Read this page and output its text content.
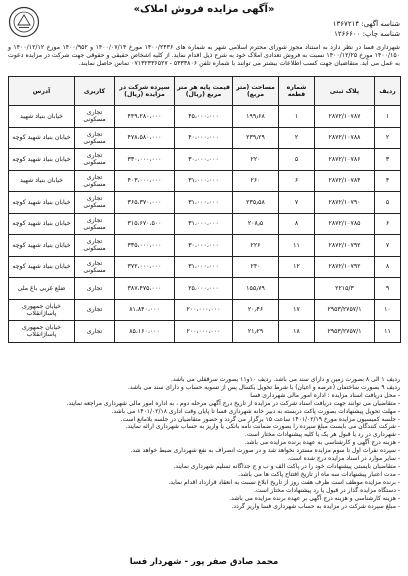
«آگهی مزایده فروش املاک»
شناسه آگهی: ۱۳۶۷۲۱۴
شناسه چاپ: ۱۲۶۶۶۰۰
شهرداری فسا در نظر دارد به استناد مجوز شورای محترم اسلامی شهر به شماره های ۱۴۰۰/۲۴۳۶ مورخ ۱۴۰۰/۰۷/۱۴ و ۱۴۰۰/۹۵۲ مورخ ۱۴۰۰/۱۲/۱۲ و ۱۴۰۰/۱۵۰ مورخ ۱۴۰۰/۱۲/۲۵ نسبت به فروش تعدادی املاک خود به شرح ذیل اقدام نماید. از کلیه اشخاص حقیقی و حقوقی جهت شرکت در مزایده دعوت به عمل می آید. متقاضیان جهت کسب اطلاعات بیشتر می توانند با شماره تلفن ۵۳۳۳۸۰۶ - ۰۷۱۳۲۳۳۶۵۲۷ تماس حاصل نمایند.
ردیف	پلاک ثبتی	شماره قطعه	مساحت (متر مربع)	قیمت پایه هر متر مربع (ریال)	سپرده شرکت در مزایده (ریال)	کاربری	آدرس
۱	۲۸۷۲/۱۰۷۸۷	۱	۱۹۹٫۶۸	۴۵،۰۰۰،۰۰۰	۴۴۹،۲۸۰،۰۰۰	تجاری مسکونی	خیابان بنیاد شهید
۲	۲۸۷۲/۱۰۷۸۸	۲	۲۳۹٫۲۹	۴۰،۰۰۰،۰۰۰	۴۷۸،۵۸۰،۰۰۰	تجاری مسکونی	خیابان بنیاد شهید کوچه
۳	۲۸۷۲/۱۰۷۸۶	۵	۲۲۰	۳۰،۰۰۰،۰۰۰	۳۳۰،۰۰۰،۰۰۰	تجاری مسکونی	خیابان بنیاد شهید کوچه
۴	۲۸۷۲/۱۰۷۸۴	۶	۲۶۰	۳۱،۰۰۰،۰۰۰	۴۰۳،۰۰۰،۰۰۰	تجاری مسکونی	خیابان بنیاد شهید
۵	۲۸۷۲/۱۰۷۹۰	۷	۲۳۵٫۵۸	۳۱،۰۰۰،۰۰۰	۳۶۵،۳۷۰،۰۰۰	تجاری مسکونی	خیابان بنیاد شهید کوچه
۶	۲۸۷۲/۱۰۷۸۵	۸	۲۰۸٫۵	۳۱،۰۰۰،۰۰۰	۳۱۵،۶۷۰،۵۰۰	تجاری مسکونی	خیابان بنیاد شهید کوچه
۷	۲۸۷۲/۱۰۷۹۲	۱۱	۲۲۶	۳۰،۰۰۰،۰۰۰	۳۳۵،۰۰۰،۰۰۰	تجاری مسکونی	خیابان بنیاد شهید کوچه
۸	۲۸۷۲/۱۰۷۹۲	۱۲	۲۴۰	۳۱،۰۰۰،۰۰۰	۳۷۲،۰۰۰،۰۰۰	تجاری مسکونی	خیابان بنیاد شهید کوچه
۹	۲۲۱۵/۳		۱۵۵٫۷۹	۲۵،۰۰۰،۰۰۰	۳۸۷،۴۷۵،۰۰۰	تجاری	ضلع غربی باغ ملی
۱۰	۲۹۵۳/۲۷۵۷/۱	۱۷	۲۰٫۴۶	۲۰۰،۰۰۰،۰۰۰	۸۱،۸۴۰،۰۰۰	تجاری	خیابان جمهوری پاساژانقلاب
۱۱	۲۹۵۳/۲۷۵۷/۱	۱۸	۲۱٫۲۹	۲۰۰،۰۰۰،۰۰۰	۸۵،۱۶۰،۰۰۰	تجاری	خیابان جمهوری پاساژانقلاب

ردیف ۱ الی ۸ بصورت زمین و دارای سند می باشد. ردیف ۱۰و۱۱ بصورت سرقفلی می باشد.

ردیف ۹ بصورت ساختمان (عرصه و اعیان) با شرط تحویل یکسال پس از تسویه حساب و دارای سند می باشد.

- محل دریافت اسناد مزایده : اداره امور مالی شهرداری فسا

- متقاضیان می توانند جهت دریافت اسناد شرکت در مزایده از تاریخ درج آگهی مرحله دوم ، به اداره امور مالی شهرداری مراجعه نمایند.

- مهلت تحویل پیشنهادات بصورت پاکت دربسته به دبیر خانه شهرداری فسا تا پایان وقت اداری ۱۴۰۱/۰۲/۱۸ می باشد.

- جلسه کمیسیون مزایده مورخ ۱۴۰۱/۰۲/۱۹ ساعت ۱۵ برگزار می گردد و حضور متقاضیان در جلسه بلامانع است.

- شرکت کنندگان می بایست مبلغ سپرده را بصورت ضمانت نامه بانکی یا واریز به حساب شهرداری ارائه نمایند.

- شهرداری در رد یا قبول هر یک یا کلیه پیشنهادات مختار است.

- هزینه درج آگهی و کارشناسی به عهده برنده مزایده می باشد.

- سپرده نفرات اول تا سوم مزایده مسترد نخواهد شد و در صورت انصراف به نفع شهرداری ضبط خواهد شد.

- سایر موارد در اسناد مزایده درج شده است.

- متقاضیان بایستی پیشنهادات خود را در پاکت الف و ب و ج جداگانه تسلیم شهرداری نمایند.

- مدت اعتبار پیشنهادات سه ماه از تاریخ افتتاح پاکت ها می باشد.

- برنده مزایده موظف است ظرف هفت روز از تاریخ ابلاغ نسبت به انعقاد قرارداد اقدام نماید.

- دستگاه مزایده گذار در قبول یا رد پیشنهادات مختار است.

- هزینه کارشناسی و هزینه درج آگهی بر عهده برنده مزایده می باشد.

- مبلغ سپرده شرکت در مزایده به حساب شهرداری فسا واریز گردد.

محمد صادق صفر پور - شهردار فسا
